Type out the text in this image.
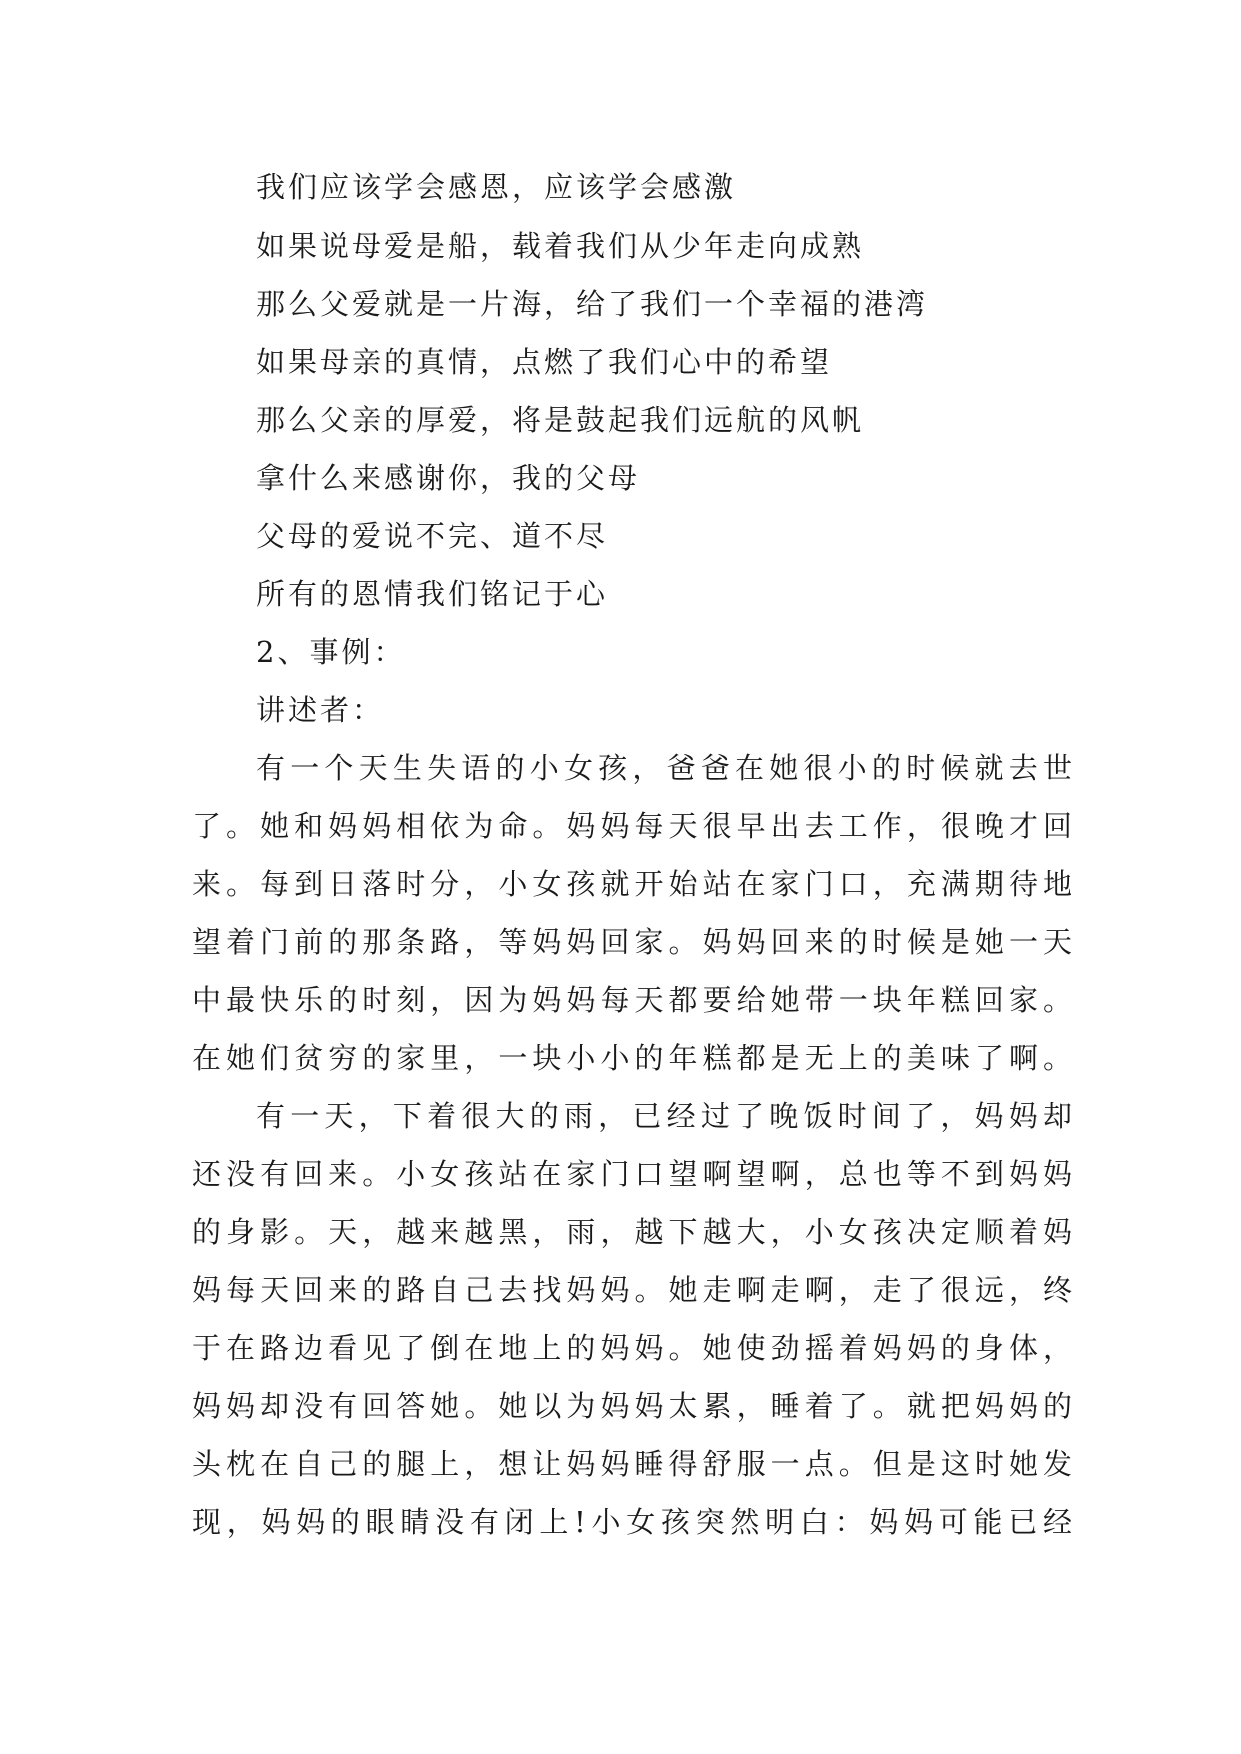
我们应该学会感恩，应该学会感激

如果说母爱是船，载着我们从少年走向成熟

那么父爱就是一片海，给了我们一个幸福的港湾

如果母亲的真情，点燃了我们心中的希望

那么父亲的厚爱，将是鼓起我们远航的风帆

拿什么来感谢你，我的父母

父母的爱说不完、道不尽

所有的恩情我们铭记于心

2、事例：

讲述者：

有一个天生失语的小女孩，爸爸在她很小的时候就去世

了。她和妈妈相依为命。妈妈每天很早出去工作，很晚才回

来。每到日落时分，小女孩就开始站在家门口，充满期待地

望着门前的那条路，等妈妈回家。妈妈回来的时候是她一天

中最快乐的时刻，因为妈妈每天都要给她带一块年糕回家。

在她们贫穷的家里，一块小小的年糕都是无上的美味了啊。

有一天，下着很大的雨，已经过了晚饭时间了，妈妈却

还没有回来。小女孩站在家门口望啊望啊，总也等不到妈妈

的身影。天，越来越黑，雨，越下越大，小女孩决定顺着妈

妈每天回来的路自己去找妈妈。她走啊走啊，走了很远，终

于在路边看见了倒在地上的妈妈。她使劲摇着妈妈的身体，

妈妈却没有回答她。她以为妈妈太累，睡着了。就把妈妈的

头枕在自己的腿上，想让妈妈睡得舒服一点。但是这时她发

现，妈妈的眼睛没有闭上!小女孩突然明白：妈妈可能已经
